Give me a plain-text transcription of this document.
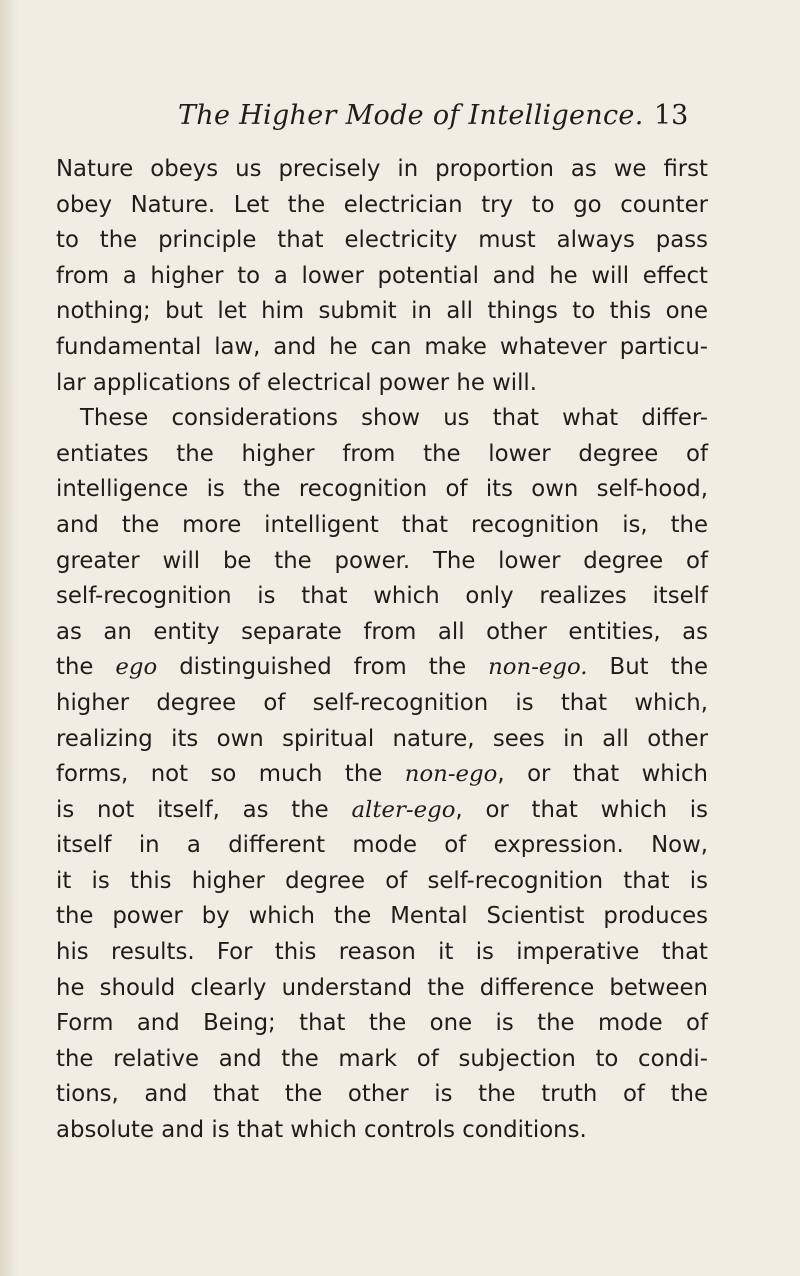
The Higher Mode of Intelligence. 13

Nature obeys us precisely in proportion as we first
obey Nature. Let the electrician try to go counter
to the principle that electricity must always pass
from a higher to a lower potential and he will effect
nothing; but let him submit in all things to this one
fundamental law, and he can make whatever particu-
lar applications of electrical power he will.

These considerations show us that what differ-
entiates the higher from the lower degree of
intelligence is the recognition of its own self-hood,
and the more intelligent that recognition is, the
greater will be the power. The lower degree of
self-recognition is that which only realizes itself
as an entity separate from all other entities, as
the ego distinguished from the non-ego. But the
higher degree of self-recognition is that which,
realizing its own spiritual nature, sees in all other
forms, not so much the non-ego, or that which
is not itself, as the alter-ego, or that which is
itself in a different mode of expression. Now,
it is this higher degree of self-recognition that is
the power by which the Mental Scientist produces
his results. For this reason it is imperative that
he should clearly understand the difference between
Form and Being; that the one is the mode of
the relative and the mark of subjection to condi-
tions, and that the other is the truth of the
absolute and is that which controls conditions.
